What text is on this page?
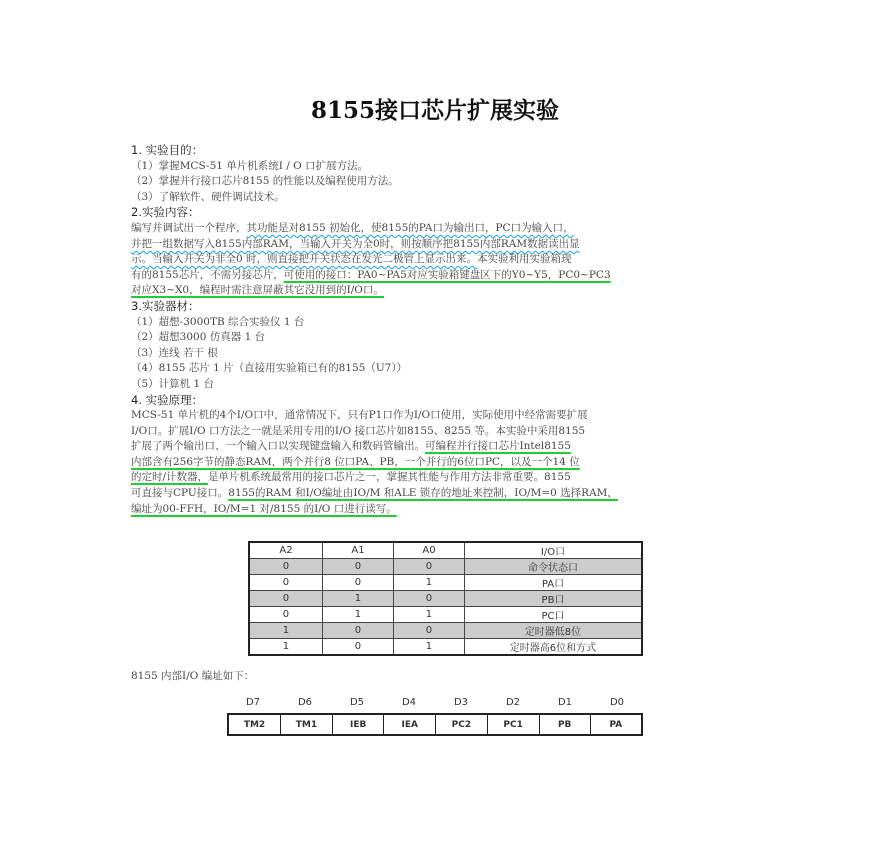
8155接口芯片扩展实验
1. 实验目的：
（1）掌握MCS-51 单片机系统I / O 口扩展方法。
（2）掌握并行接口芯片8155 的性能以及编程使用方法。
（3）了解软件、硬件调试技术。
2.实验内容：
编写并调试出一个程序，其功能是对8155 初始化，使8155的PA口为输出口，PC口为输入口，
并把一组数据写入8155内部RAM，当输入开关为全0时，则按顺序把8155内部RAM数据读出显
示。当输入开关为非全0 时，则直接把开关状态在发光二极管上显示出来。本实验利用实验箱现
有的8155芯片，不需另接芯片，可使用的接口：PA0~PA5对应实验箱键盘区下的Y0~Y5，PC0~PC3
对应X3~X0，编程时需注意屏蔽其它没用到的I/O口。
3.实验器材：
（1）超想-3000TB 综合实验仪 1 台
（2）超想3000 仿真器 1 台
（3）连线 若干 根
（4）8155 芯片 1 片（直接用实验箱已有的8155（U7））
（5）计算机 1 台
4. 实验原理：
MCS-51 单片机的4个I/O口中，通常情况下，只有P1口作为I/O口使用，实际使用中经常需要扩展
I/O口。扩展I/O 口方法之一就是采用专用的I/O 接口芯片如8155、8255 等。本实验中采用8155
扩展了两个输出口、一个输入口以实现键盘输入和数码管输出。可编程并行接口芯片Intel8155
内部含有256字节的静态RAM，两个并行8 位口PA、PB，一个并行的6位口PC，以及一个14 位
的定时/计数器，是单片机系统最常用的接口芯片之一，掌握其性能与作用方法非常重要。8155
可直接与CPU接口。8155的RAM 和I/O编址由IO/M 和ALE 锁存的地址来控制，IO/M=0 选择RAM，
编址为00-FFH，IO/M=1 对/8155 的I/O 口进行读写。
A2	A1	A0	I/O口
0	0	0	命令状态口
0	0	1	PA口
0	1	0	PB口
0	1	1	PC口
1	0	0	定时器低8位
1	0	1	定时器高6位和方式
8155 内部I/O 编址如下：
D7	D6	D5	D4	D3	D2	D1	D0
TM2	TM1	IEB	IEA	PC2	PC1	PB	PA
